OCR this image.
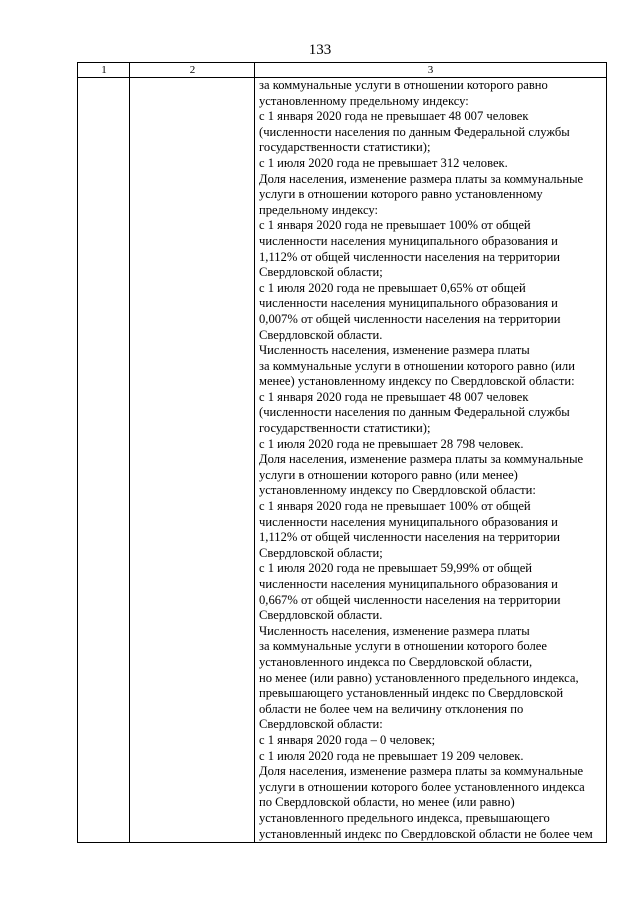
133
1	2	3
за коммунальные услуги в отношении которого равно
установленному предельному индексу:
с 1 января 2020 года не превышает 48 007 человек
(численности населения по данным Федеральной службы
государственности статистики);
с 1 июля 2020 года не превышает 312 человек.
Доля населения, изменение размера платы за коммунальные
услуги в отношении которого равно установленному
предельному индексу:
с 1 января 2020 года не превышает 100% от общей
численности населения муниципального образования и
1,112% от общей численности населения на территории
Свердловской области;
с 1 июля 2020 года не превышает 0,65% от общей
численности населения муниципального образования и
0,007% от общей численности населения на территории
Свердловской области.
Численность населения, изменение размера платы
за коммунальные услуги в отношении которого равно (или
менее) установленному индексу по Свердловской области:
с 1 января 2020 года не превышает 48 007 человек
(численности населения по данным Федеральной службы
государственности статистики);
с 1 июля 2020 года не превышает 28 798 человек.
Доля населения, изменение размера платы за коммунальные
услуги в отношении которого равно (или менее)
установленному индексу по Свердловской области:
с 1 января 2020 года не превышает 100% от общей
численности населения муниципального образования и
1,112% от общей численности населения на территории
Свердловской области;
с 1 июля 2020 года не превышает 59,99% от общей
численности населения муниципального образования и
0,667% от общей численности населения на территории
Свердловской области.
Численность населения, изменение размера платы
за коммунальные услуги в отношении которого более
установленного индекса по Свердловской области,
но менее (или равно) установленного предельного индекса,
превышающего установленный индекс по Свердловской
области не более чем на величину отклонения по
Свердловской области:
с 1 января 2020 года – 0 человек;
с 1 июля 2020 года не превышает 19 209 человек.
Доля населения, изменение размера платы за коммунальные
услуги в отношении которого более установленного индекса
по Свердловской области, но менее (или равно)
установленного предельного индекса, превышающего
установленный индекс по Свердловской области не более чем
